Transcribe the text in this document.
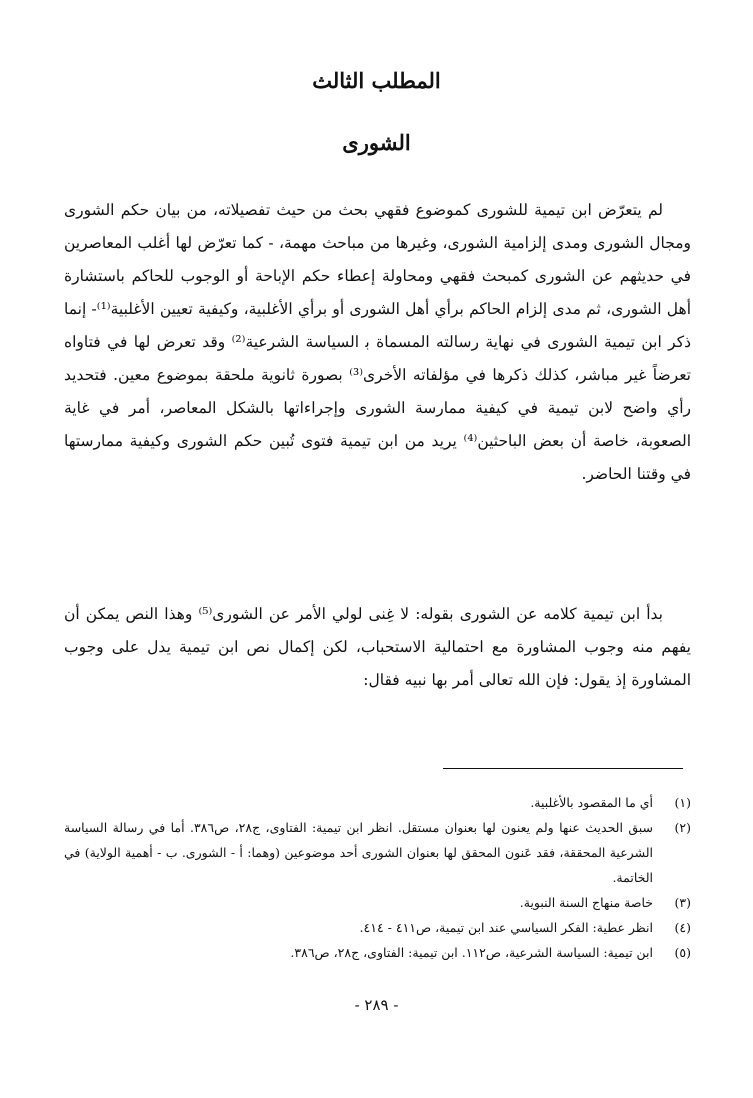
المطلب الثالث
الشورى

لم يتعرّض ابن تيمية للشورى كموضوع فقهي بحث من حيث تفصيلاته، من بيان حكم الشورى ومجال الشورى ومدى إلزامية الشورى، وغيرها من مباحث مهمة، - كما تعرّض لها أغلب المعاصرين في حديثهم عن الشورى كمبحث فقهي ومحاولة إعطاء حكم الإباحة أو الوجوب للحاكم باستشارة أهل الشورى، ثم مدى إلزام الحاكم برأي أهل الشورى أو برأي الأغلبية، وكيفية تعيين الأغلبية⁽¹⁾- إنما ذكر ابن تيمية الشورى في نهاية رسالته المسماة ب‍ السياسة الشرعية⁽²⁾ وقد تعرض لها في فتاواه تعرضاً غير مباشر، كذلك ذكرها في مؤلفاته الأخرى⁽³⁾ بصورة ثانوية ملحقة بموضوع معين. فتحديد رأي واضح لابن تيمية في كيفية ممارسة الشورى وإجراءاتها بالشكل المعاصر، أمر في غاية الصعوبة، خاصة أن بعض الباحثين⁽⁴⁾ يريد من ابن تيمية فتوى تُبين حكم الشورى وكيفية ممارستها في وقتنا الحاضر.

بدأ ابن تيمية كلامه عن الشورى بقوله: لا غِنى لولي الأمر عن الشورى⁽⁵⁾ وهذا النص يمكن أن يفهم منه وجوب المشاورة مع احتمالية الاستحباب، لكن إكمال نص ابن تيمية يدل على وجوب المشاورة إذ يقول: فإن الله تعالى أمر بها نبيه فقال:

(١)
أي ما المقصود بالأغلبية.
(٢)
سبق الحديث عنها ولم يعنون لها بعنوان مستقل. انظر ابن تيمية: الفتاوى، ج٢٨، ص٣٨٦. أما في رسالة السياسة الشرعية المحققة، فقد عَنون المحقق لها بعنوان الشورى أحد موضوعين (وهما: أ - الشورى. ب - أهمية الولاية) في الخاتمة.
(٣)
خاصة منهاج السنة النبوية.
(٤)
انظر عطية: الفكر السياسي عند ابن تيمية، ص٤١١ - ٤١٤.
(٥)
ابن تيمية: السياسة الشرعية، ص١١٢. ابن تيمية: الفتاوى، ج٢٨، ص٣٨٦.
- ٢٨٩ -
